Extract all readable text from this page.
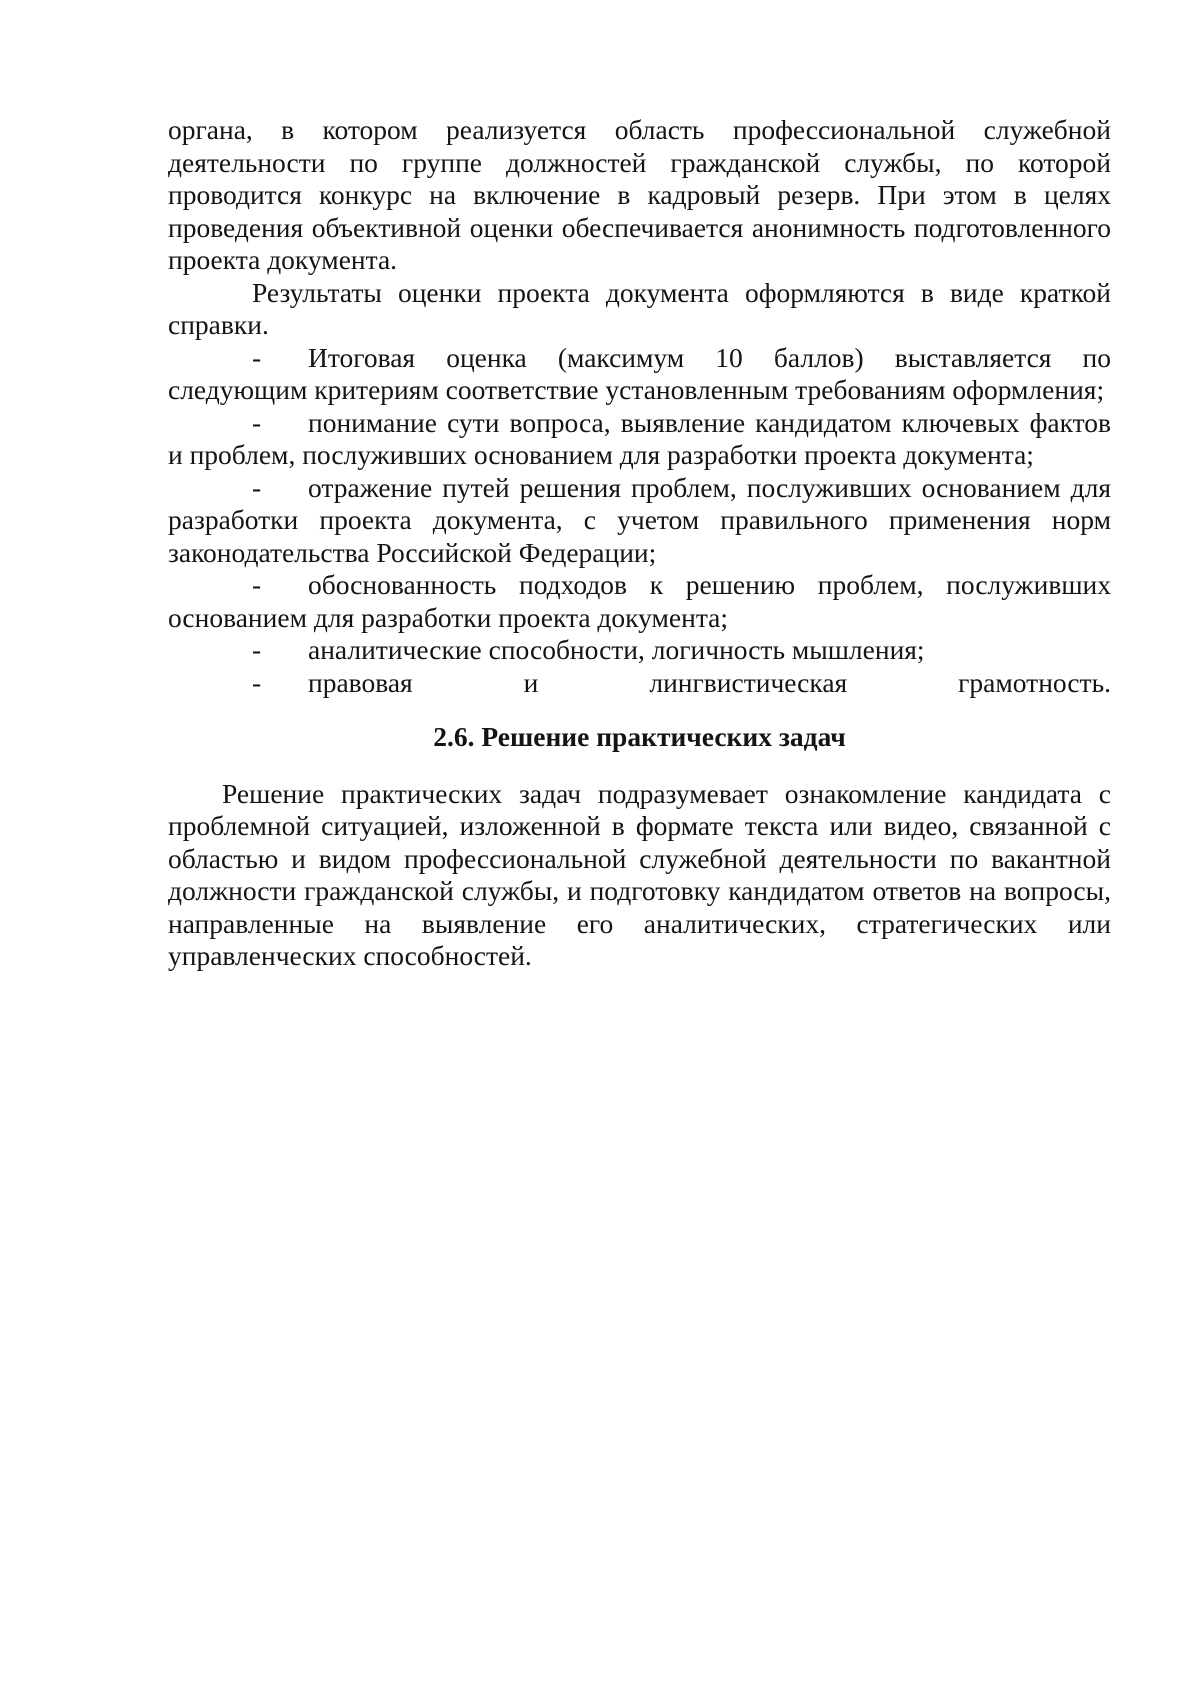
органа, в котором реализуется область профессиональной служебной деятельности по группе должностей гражданской службы, по которой проводится конкурс на включение в кадровый резерв. При этом в целях проведения объективной оценки обеспечивается анонимность подготовленного проекта документа.

Результаты оценки проекта документа оформляются в виде краткой справки.

- Итоговая оценка (максимум 10 баллов) выставляется по следующим критериям соответствие установленным требованиям оформления;

- понимание сути вопроса, выявление кандидатом ключевых фактов и проблем, послуживших основанием для разработки проекта документа;

- отражение путей решения проблем, послуживших основанием для разработки проекта документа, с учетом правильного применения норм законодательства Российской Федерации;

- обоснованность подходов к решению проблем, послуживших основанием для разработки проекта документа;

- аналитические способности, логичность мышления;

- правовая и лингвистическая грамотность.

2.6. Решение практических задач

Решение практических задач подразумевает ознакомление кандидата с проблемной ситуацией, изложенной в формате текста или видео, связанной с областью и видом профессиональной служебной деятельности по вакантной должности гражданской службы, и подготовку кандидатом ответов на вопросы, направленные на выявление его аналитических, стратегических или управленческих способностей.
